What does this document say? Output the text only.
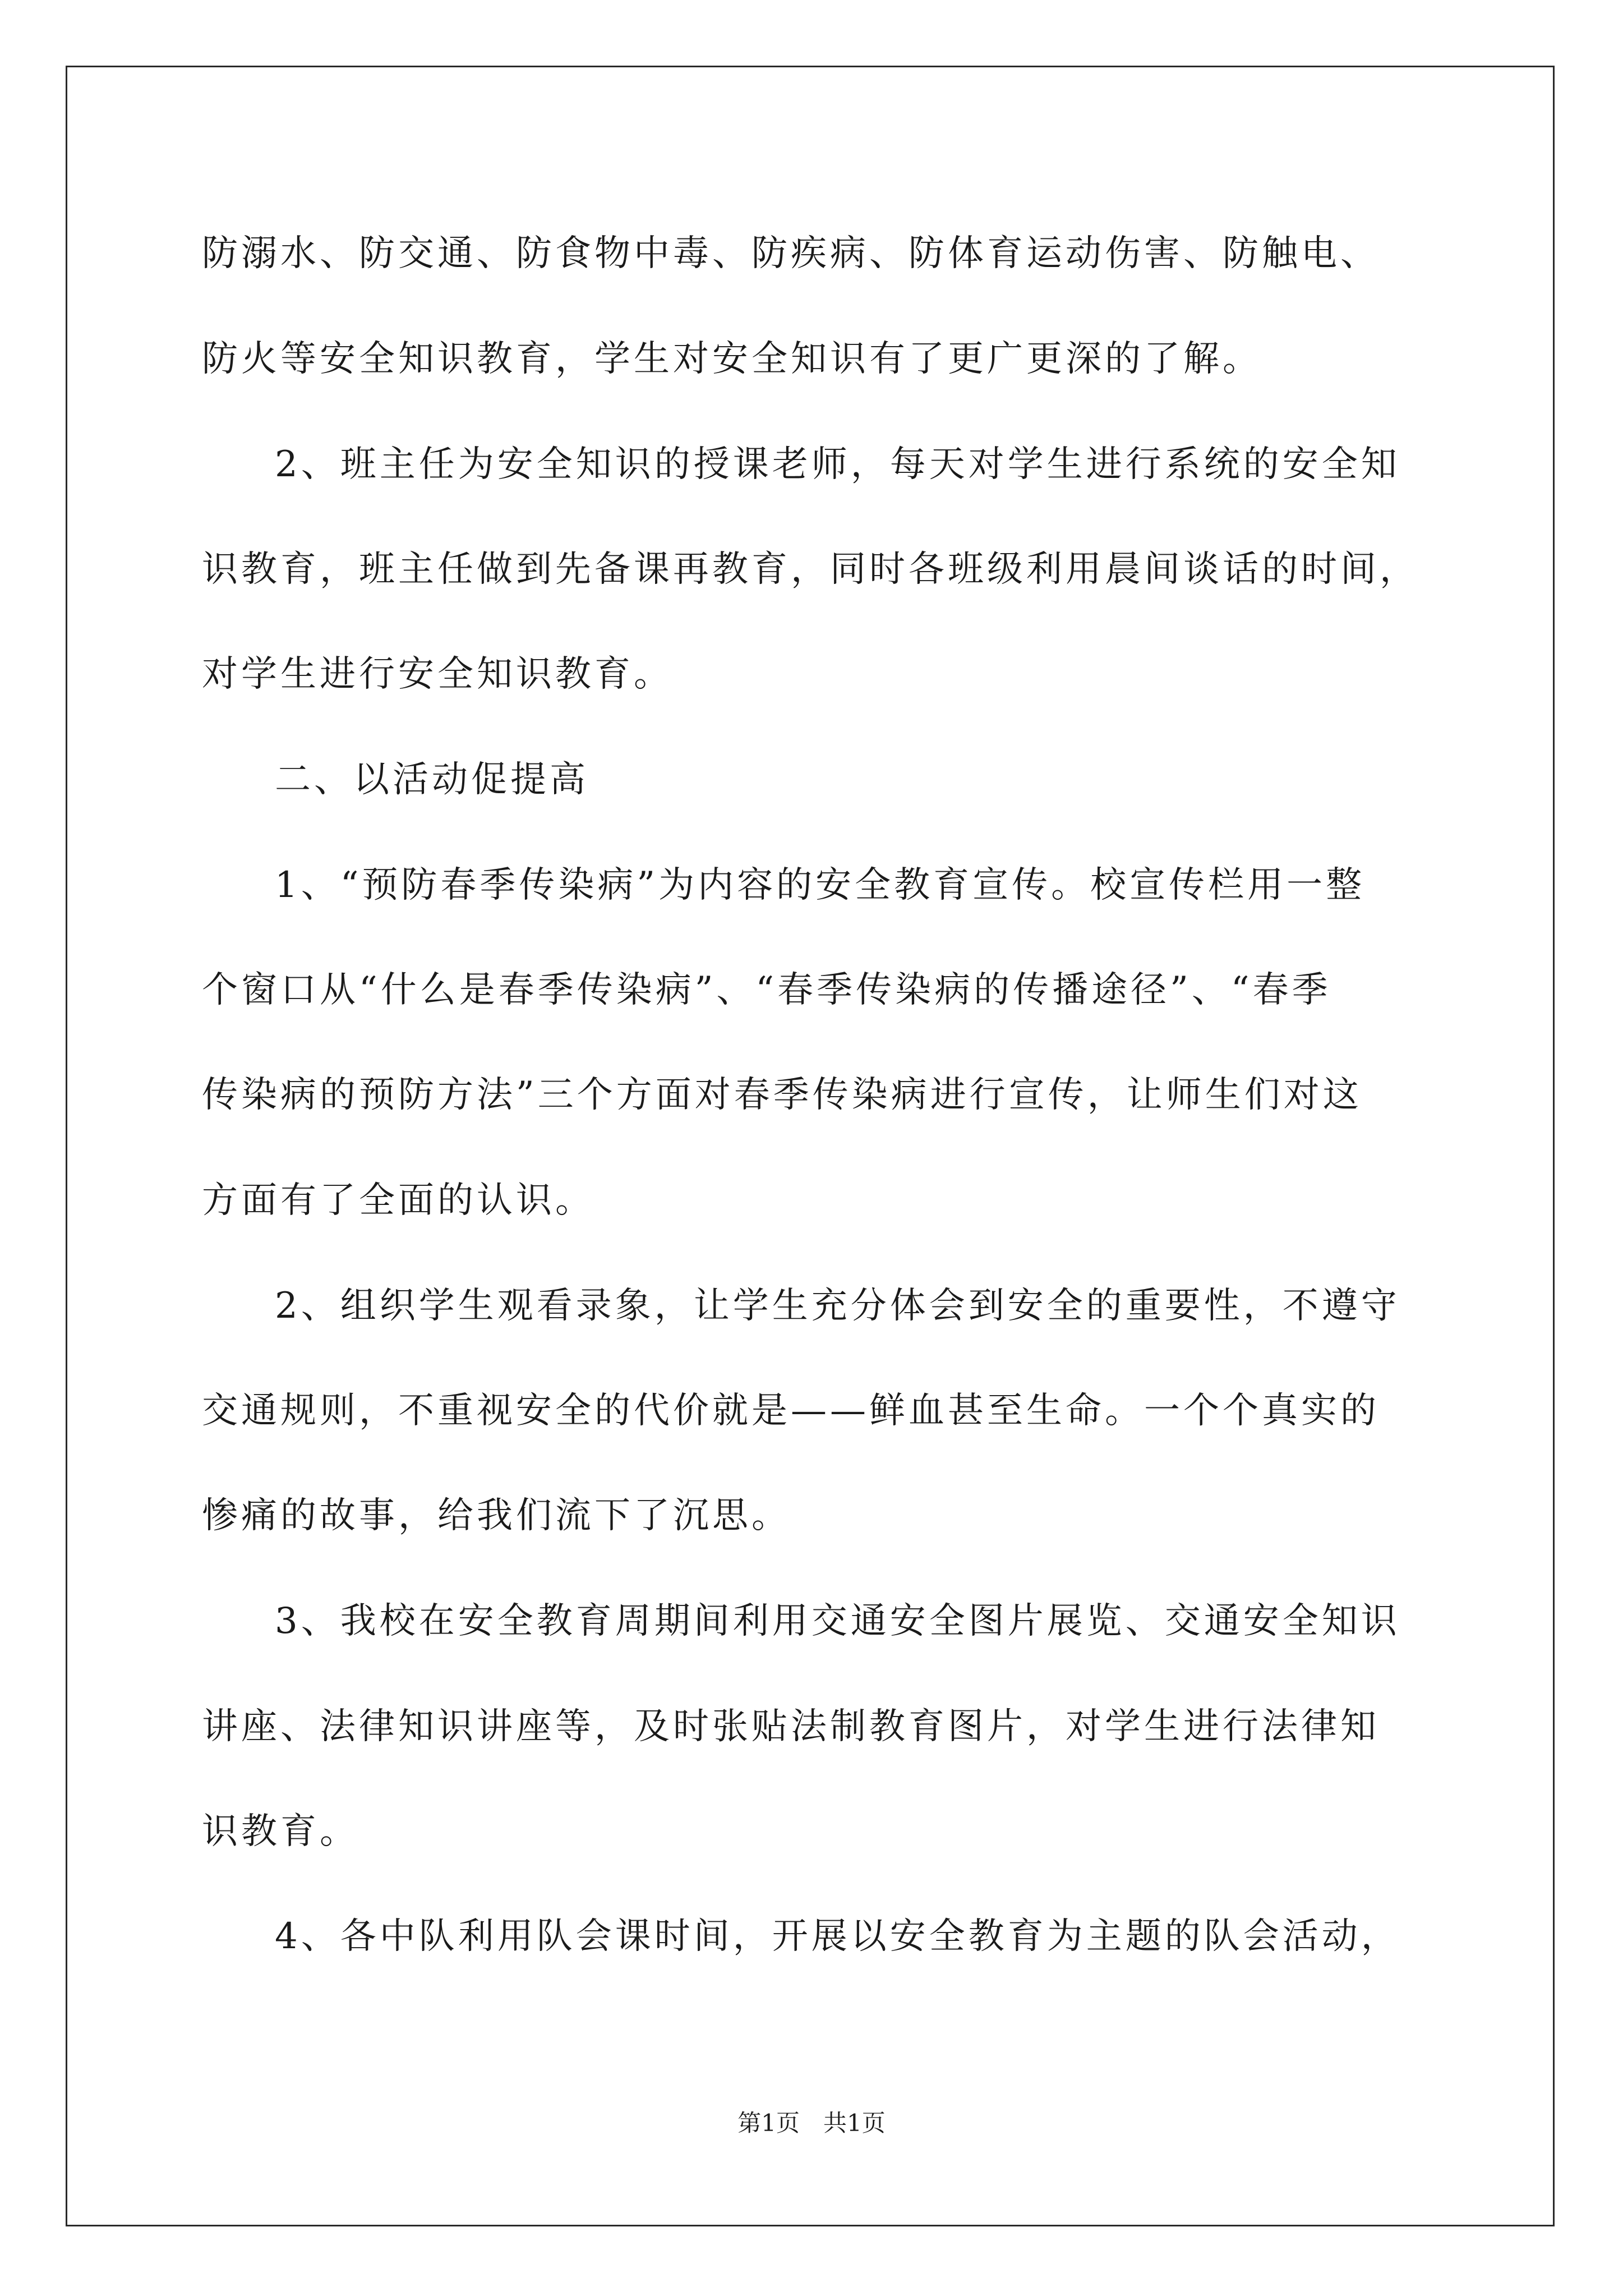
防溺水、防交通、防食物中毒、防疾病、防体育运动伤害、防触电、
防火等安全知识教育，学生对安全知识有了更广更深的了解。
2、班主任为安全知识的授课老师，每天对学生进行系统的安全知
识教育，班主任做到先备课再教育，同时各班级利用晨间谈话的时间，
对学生进行安全知识教育。
二、以活动促提高
1、“预防春季传染病”为内容的安全教育宣传。校宣传栏用一整
个窗口从“什么是春季传染病”、“春季传染病的传播途径”、“春季
传染病的预防方法”三个方面对春季传染病进行宣传，让师生们对这
方面有了全面的认识。
2、组织学生观看录象，让学生充分体会到安全的重要性，不遵守
交通规则，不重视安全的代价就是——鲜血甚至生命。一个个真实的
惨痛的故事，给我们流下了沉思。
3、我校在安全教育周期间利用交通安全图片展览、交通安全知识
讲座、法律知识讲座等，及时张贴法制教育图片，对学生进行法律知
识教育。
4、各中队利用队会课时间，开展以安全教育为主题的队会活动，
第1页　共1页
